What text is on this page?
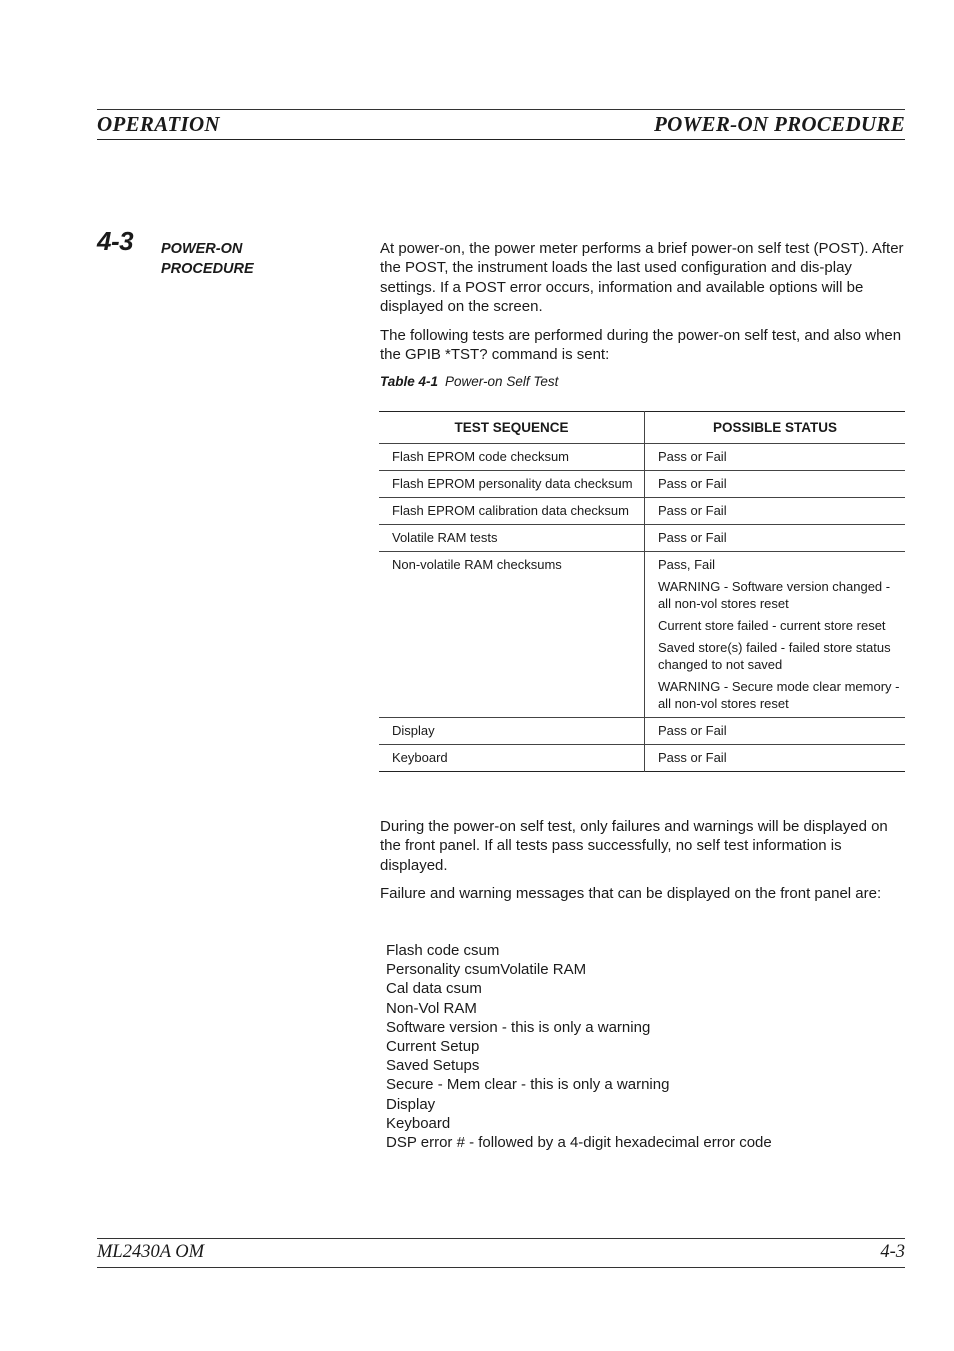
OPERATION	POWER-ON PROCEDURE
4-3 POWER-ON
PROCEDURE

At power-on, the power meter performs a brief power-on self test (POST). After the POST, the instrument loads the last used configuration and dis-play settings. If a POST error occurs, information and available options will be displayed on the screen.

The following tests are performed during the power-on self test, and also when the GPIB *TST? command is sent:

Table 4-1 Power-on Self Test
TEST SEQUENCE	POSSIBLE STATUS
Flash EPROM code checksum	Pass or Fail

Flash EPROM personality data checksum	Pass or Fail

Flash EPROM calibration data checksum	Pass or Fail

Volatile RAM tests	Pass or Fail

Non-volatile RAM checksums	Pass, Fail
WARNING - Software version changed - all non-vol stores reset
Current store failed - current store reset
Saved store(s) failed - failed store status changed to not saved
WARNING - Secure mode clear memory - all non-vol stores reset

Display	Pass or Fail

Keyboard	Pass or Fail

During the power-on self test, only failures and warnings will be displayed on the front panel. If all tests pass successfully, no self test information is displayed.

Failure and warning messages that can be displayed on the front panel are:

Flash code csum
Personality csumVolatile RAM
Cal data csum
Non-Vol RAM
Software version - this is only a warning
Current Setup
Saved Setups
Secure - Mem clear - this is only a warning
Display
Keyboard
DSP error # - followed by a 4-digit hexadecimal error code
ML2430A OM	4-3
